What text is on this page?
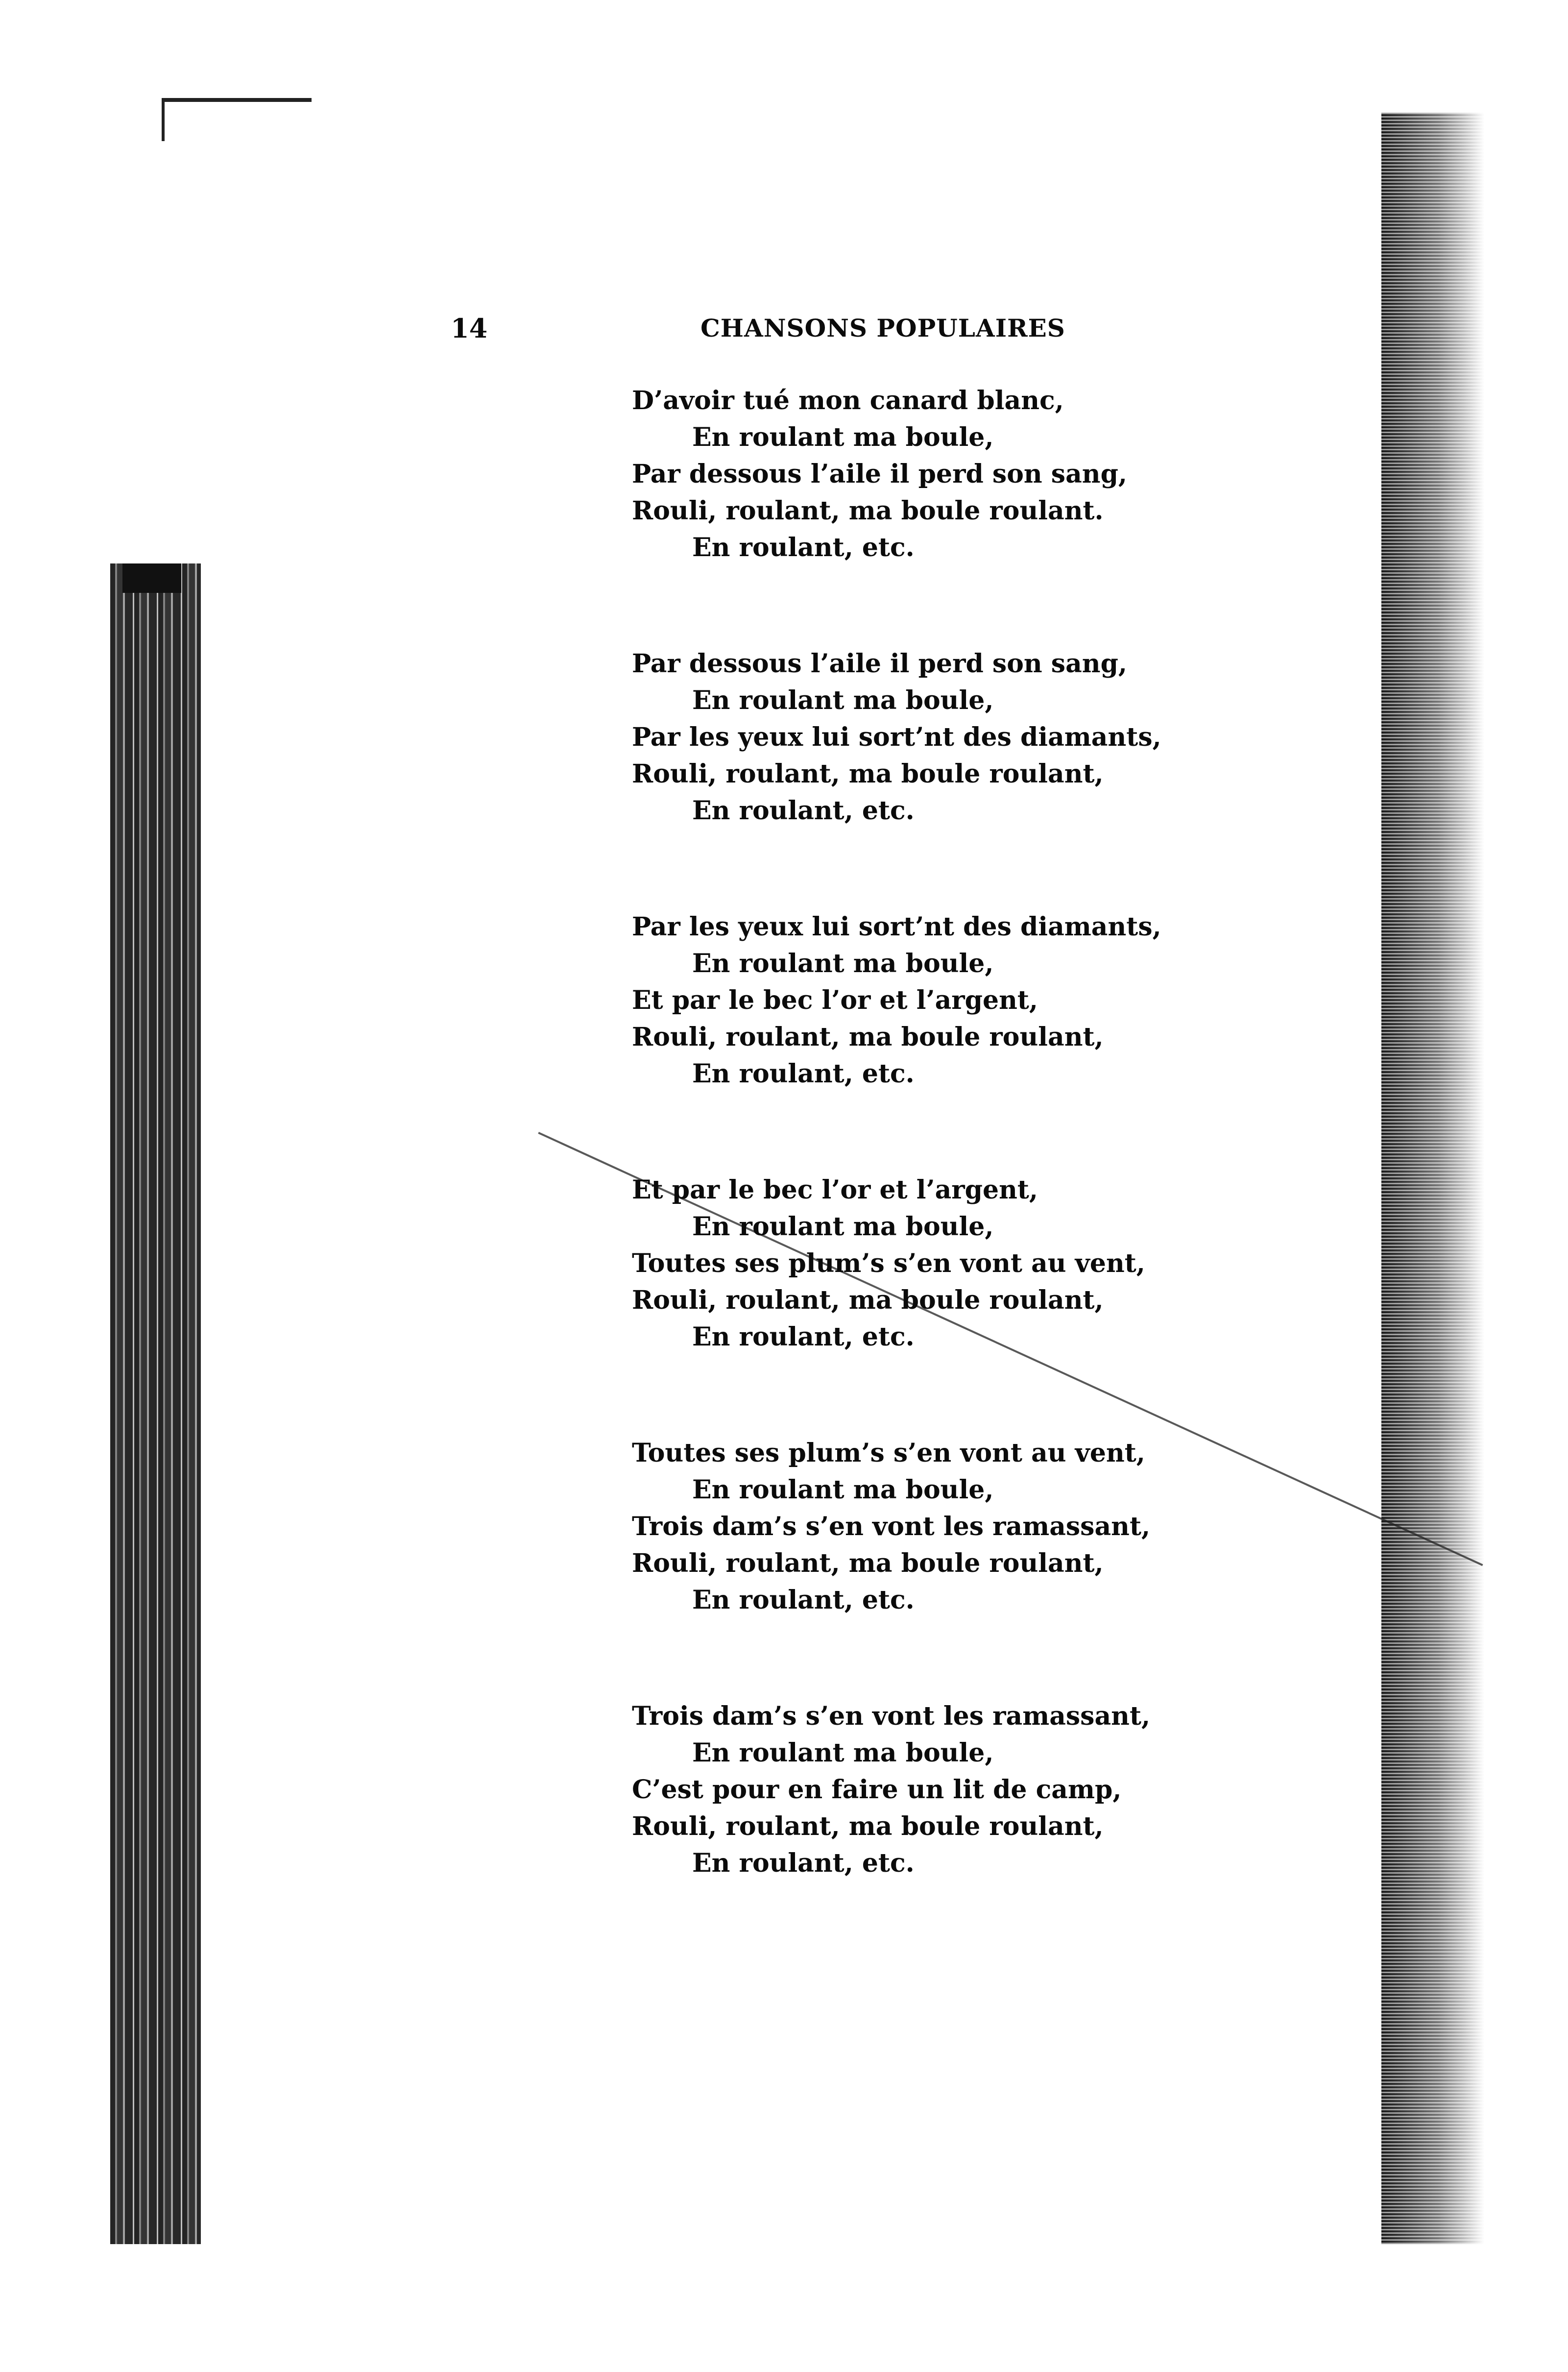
14	CHANSONS POPULAIRES
D’avoir tué mon canard blanc,
En roulant ma boule,
Par dessous l’aile il perd son sang,
Rouli, roulant, ma boule roulant.
En roulant, etc.
Par dessous l’aile il perd son sang,
En roulant ma boule,
Par les yeux lui sort’nt des diamants,
Rouli, roulant, ma boule roulant,
En roulant, etc.
Par les yeux lui sort’nt des diamants,
En roulant ma boule,
Et par le bec l’or et l’argent,
Rouli, roulant, ma boule roulant,
En roulant, etc.
Et par le bec l’or et l’argent,
En roulant ma boule,
Toutes ses plum’s s’en vont au vent,
Rouli, roulant, ma boule roulant,
En roulant, etc.
Toutes ses plum’s s’en vont au vent,
En roulant ma boule,
Trois dam’s s’en vont les ramassant,
Rouli, roulant, ma boule roulant,
En roulant, etc.
Trois dam’s s’en vont les ramassant,
En roulant ma boule,
C’est pour en faire un lit de camp,
Rouli, roulant, ma boule roulant,
En roulant, etc.
